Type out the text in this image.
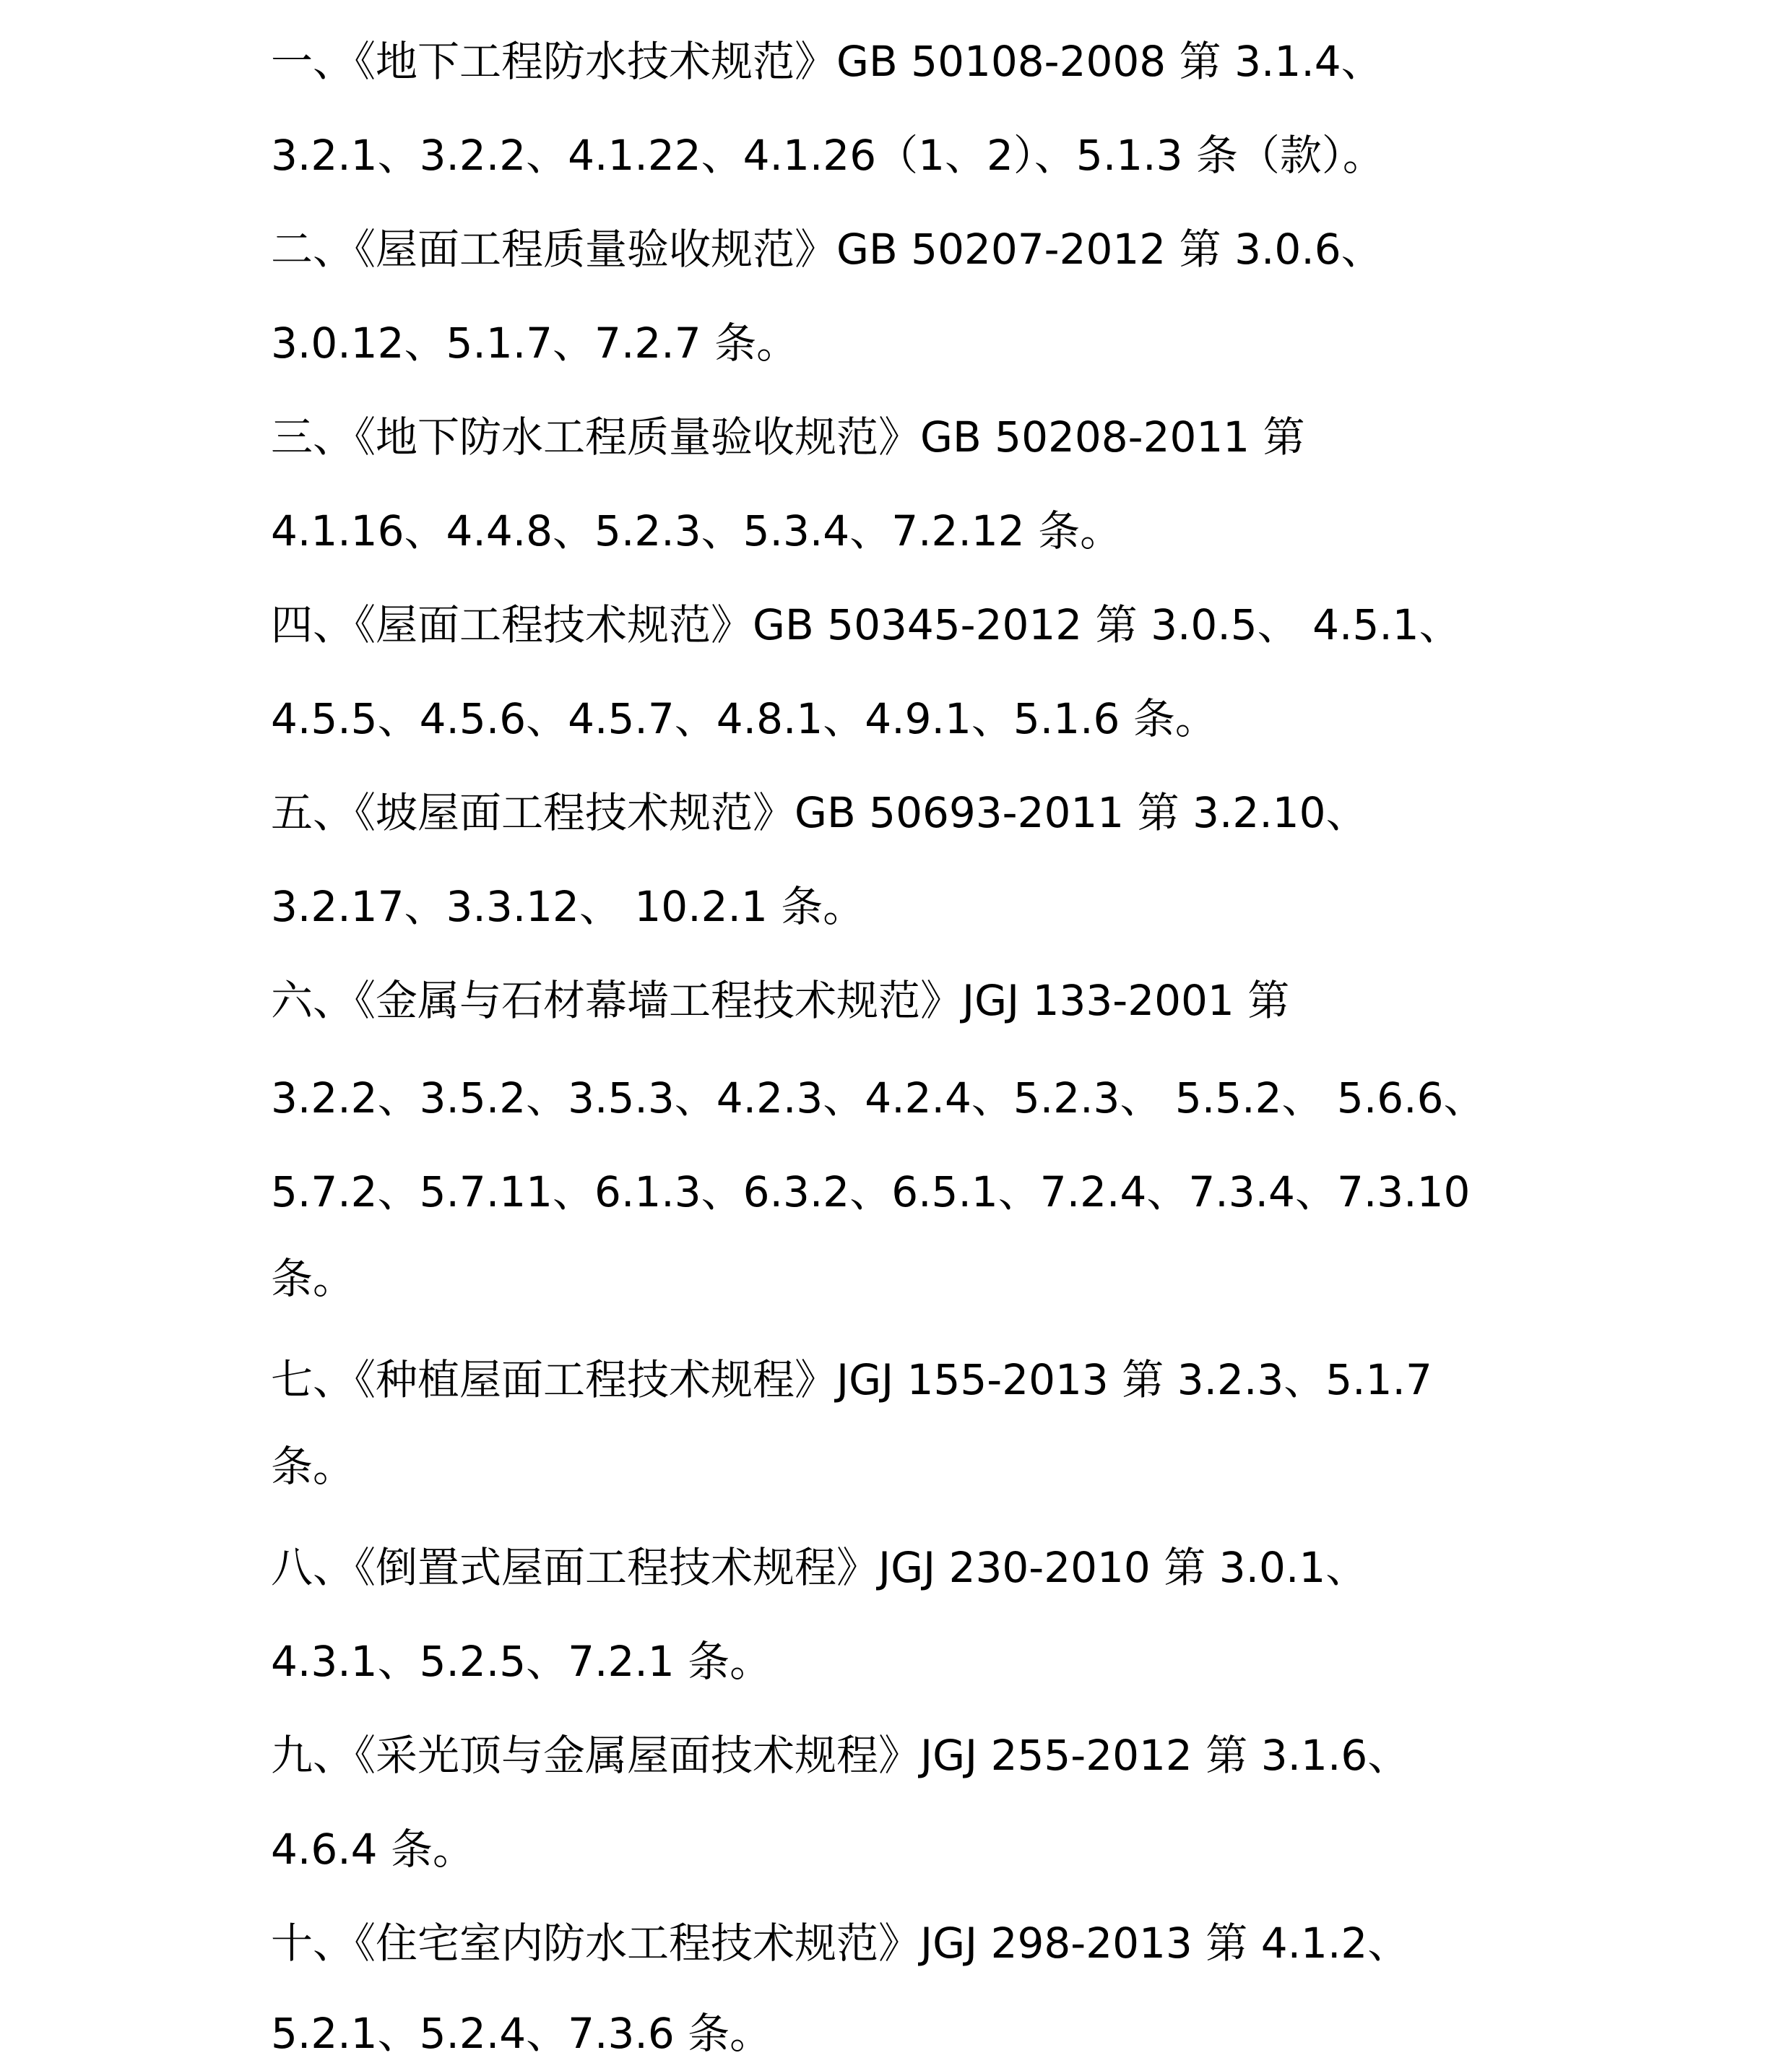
一、《地下工程防水技术规范》GB 50108-2008 第 3.1.4、
3.2.1、3.2.2、4.1.22、4.1.26（1、2）、5.1.3 条（款）。
二、《屋面工程质量验收规范》GB 50207-2012 第 3.0.6、
3.0.12、5.1.7、7.2.7 条。
三、《地下防水工程质量验收规范》GB 50208-2011 第
4.1.16、4.4.8、5.2.3、5.3.4、7.2.12 条。
四、《屋面工程技术规范》GB 50345-2012 第 3.0.5、 4.5.1、
4.5.5、4.5.6、4.5.7、4.8.1、4.9.1、5.1.6 条。
五、《坡屋面工程技术规范》GB 50693-2011 第 3.2.10、
3.2.17、3.3.12、 10.2.1 条。
六、《金属与石材幕墙工程技术规范》JGJ 133-2001 第
3.2.2、3.5.2、3.5.3、4.2.3、4.2.4、5.2.3、 5.5.2、 5.6.6、
5.7.2、5.7.11、6.1.3、6.3.2、6.5.1、7.2.4、7.3.4、7.3.10
条。
七、《种植屋面工程技术规程》JGJ 155-2013 第 3.2.3、5.1.7
条。
八、《倒置式屋面工程技术规程》JGJ 230-2010 第 3.0.1、
4.3.1、5.2.5、7.2.1 条。
九、《采光顶与金属屋面技术规程》JGJ 255-2012 第 3.1.6、
4.6.4 条。
十、《住宅室内防水工程技术规范》JGJ 298-2013 第 4.1.2、
5.2.1、5.2.4、7.3.6 条。
